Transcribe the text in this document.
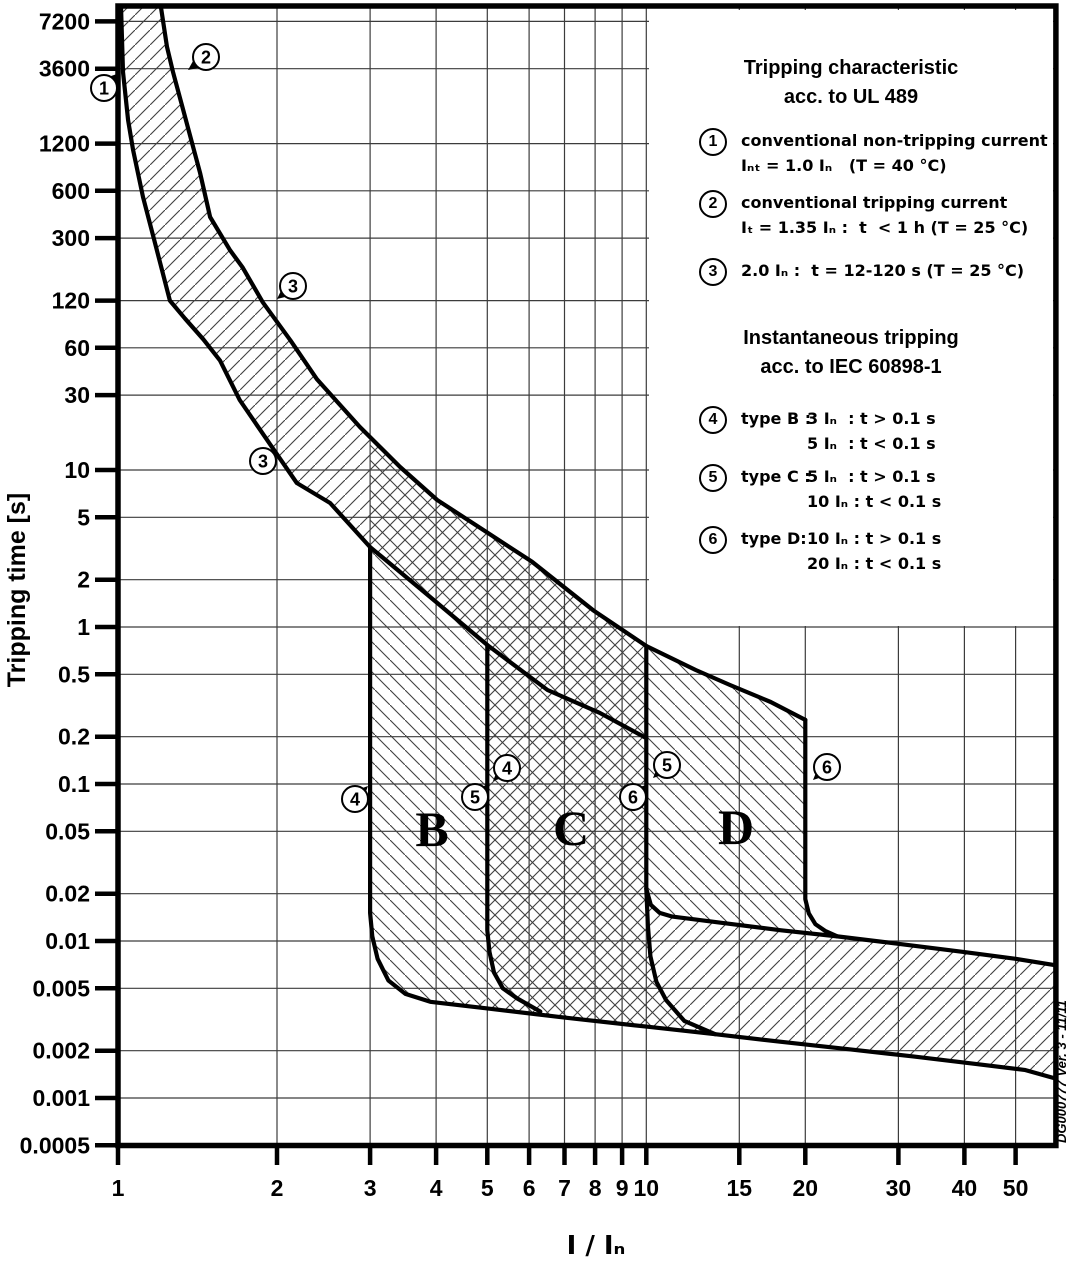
7200
3600
1200
600
300
120
60
30
10
5
2
1
0.5
0.2
0.1
0.05
0.02
0.01
0.005
0.002
0.001
0.0005
1	2	3 4 5 6 7 8 9 10	15 20	30 40 50
Tripping time [s]
I / Iₙ
B C	D
1
2
3
3
4
4
5
5
6
6
Tripping characteristic
acc. to UL 489
1	conventional non-tripping current
Iₙₜ = 1.0 Iₙ   (T = 40 °C)
2	conventional tripping current
Iₜ = 1.35 Iₙ :  t  < 1 h (T = 25 °C)
3	2.0 Iₙ :  t = 12-120 s (T = 25 °C)
Instantaneous tripping
acc. to IEC 60898-1
4	type B :3 Iₙ  : t > 0.1 s
5 Iₙ  : t < 0.1 s
5	type C :5 Iₙ  : t > 0.1 s
10 Iₙ : t < 0.1 s
6	type D:10 Iₙ : t > 0.1 s
20 Iₙ : t < 0.1 s
DG000777 Ver. 3 - 11/11
